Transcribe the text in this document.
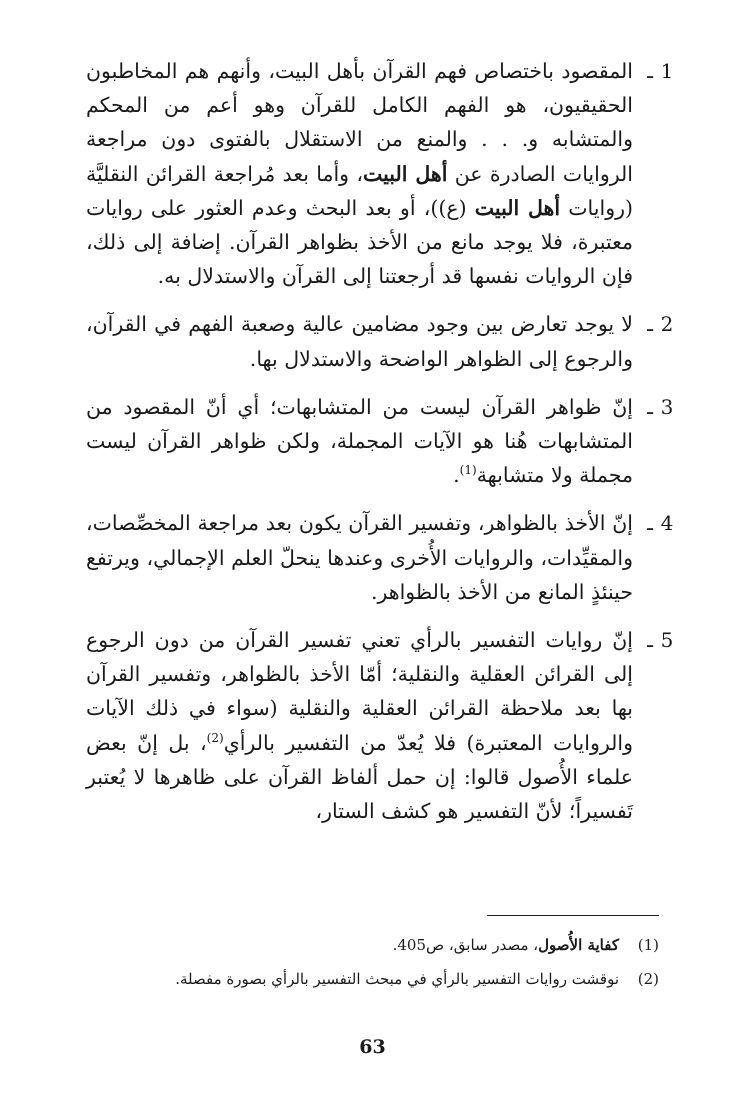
1ـ
المقصود باختصاص فهم القرآن بأهل البيت، وأنهم هم المخاطبون الحقيقيون، هو الفهم الكامل للقرآن وهو أعم من المحكم والمتشابه و. . . والمنع من الاستقلال بالفتوى دون مراجعة الروايات الصادرة عن أهل البيت، وأما بعد مُراجعة القرائن النقليَّة (روايات أهل البيت (ع))، أو بعد البحث وعدم العثور على روايات معتبرة، فلا يوجد مانع من الأخذ بظواهر القرآن. إضافة إلى ذلك، فإن الروايات نفسها قد أرجعتنا إلى القرآن والاستدلال به.
2ـ
لا يوجد تعارض بين وجود مضامين عالية وصعبة الفهم في القرآن، والرجوع إلى الظواهر الواضحة والاستدلال بها.
3ـ
إنّ ظواهر القرآن ليست من المتشابهات؛ أي أنّ المقصود من المتشابهات هُنا هو الآيات المجملة، ولكن ظواهر القرآن ليست مجملة ولا متشابهة$^{(1)}$.
4ـ
إنّ الأخذ بالظواهر، وتفسير القرآن يكون بعد مراجعة المخصِّصات، والمقيِّدات، والروايات الأُخرى وعندها ينحلّ العلم الإجمالي، ويرتفع حينئذٍ المانع من الأخذ بالظواهر.
5ـ
إنّ روايات التفسير بالرأي تعني تفسير القرآن من دون الرجوع إلى القرائن العقلية والنقلية؛ أمّا الأخذ بالظواهر، وتفسير القرآن بها بعد ملاحظة القرائن العقلية والنقلية (سواء في ذلك الآيات والروايات المعتبرة) فلا يُعدّ من التفسير بالرأي$^{(2)}$، بل إنّ بعض علماء الأُصول قالوا: إن حمل ألفاظ القرآن على ظاهرها لا يُعتبر تَفسيراً؛ لأنّ التفسير هو كشف الستار،
(1)
كفاية الأُصول، مصدر سابق، ص405.
(2)
نوقشت روايات التفسير بالرأي في مبحث التفسير بالرأي بصورة مفصلة.
63
